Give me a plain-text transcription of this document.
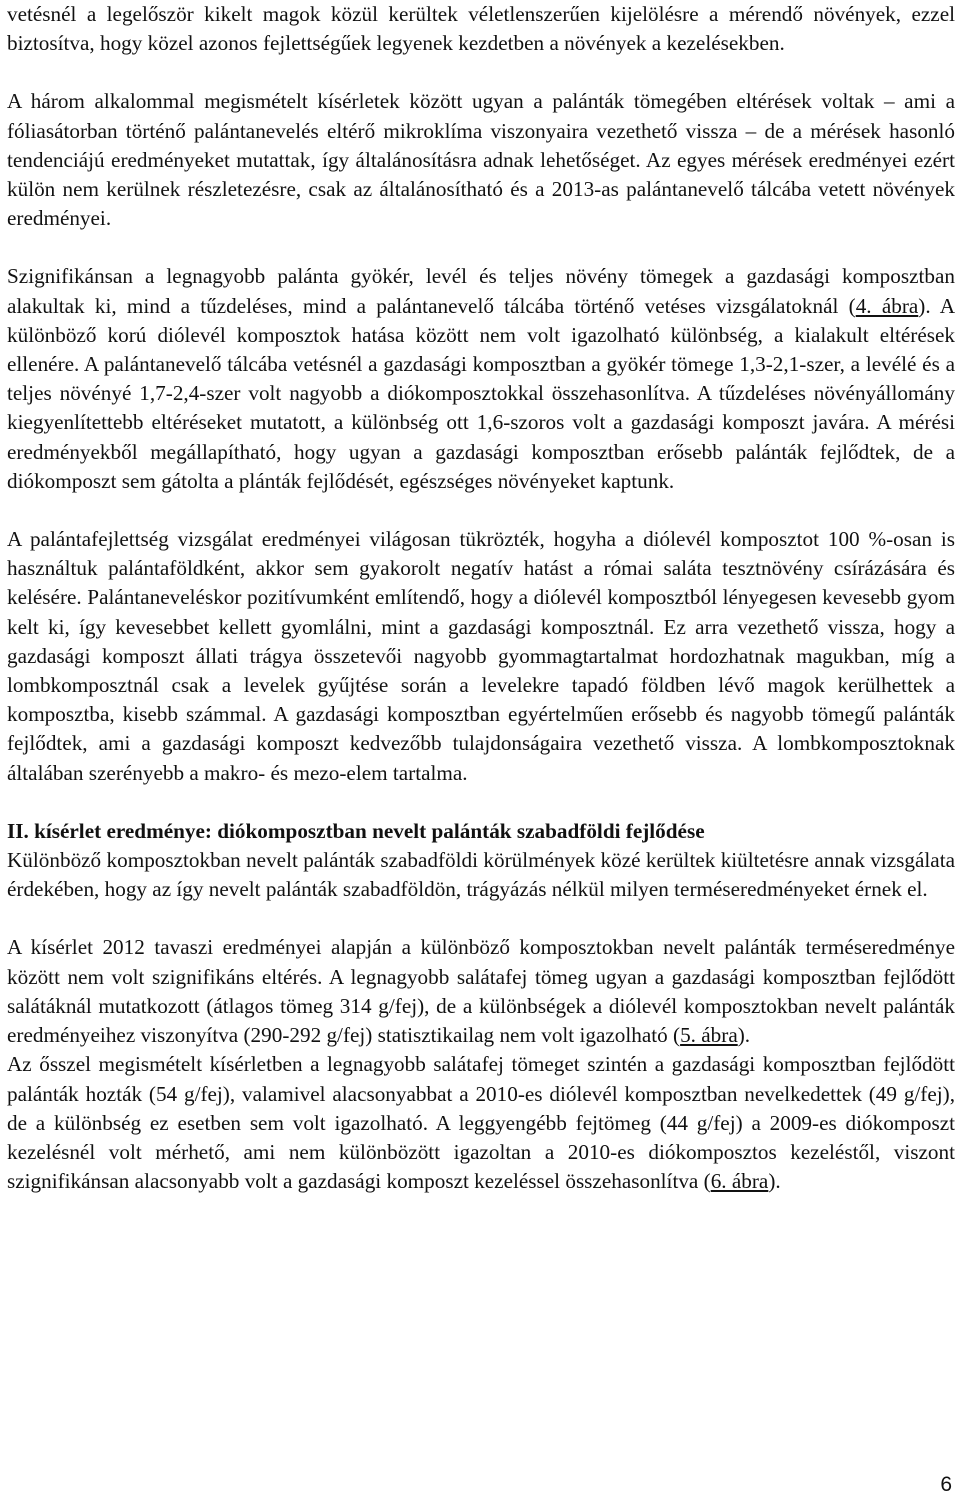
vetésnél a legelőször kikelt magok közül kerültek véletlenszerűen kijelölésre a mérendő növények, ezzel biztosítva, hogy közel azonos fejlettségűek legyenek kezdetben a növények a kezelésekben.

A három alkalommal megismételt kísérletek között ugyan a palánták tömegében eltérések voltak – ami a fóliasátorban történő palántanevelés eltérő mikroklíma viszonyaira vezethető vissza – de a mérések hasonló tendenciájú eredményeket mutattak, így általánosításra adnak lehetőséget. Az egyes mérések eredményei ezért külön nem kerülnek részletezésre, csak az általánosítható és a 2013-as palántanevelő tálcába vetett növények eredményei.

Szignifikánsan a legnagyobb palánta gyökér, levél és teljes növény tömegek a gazdasági komposztban alakultak ki, mind a tűzdeléses, mind a palántanevelő tálcába történő vetéses vizsgálatoknál (4. ábra). A különböző korú diólevél komposztok hatása között nem volt igazolható különbség, a kialakult eltérések ellenére. A palántanevelő tálcába vetésnél a gazdasági komposztban a gyökér tömege 1,3-2,1-szer, a levélé és a teljes növényé 1,7-2,4-szer volt nagyobb a diókomposztokkal összehasonlítva. A tűzdeléses növényállomány kiegyenlítettebb eltéréseket mutatott, a különbség ott 1,6-szoros volt a gazdasági komposzt javára. A mérési eredményekből megállapítható, hogy ugyan a gazdasági komposztban erősebb palánták fejlődtek, de a diókomposzt sem gátolta a plánták fejlődését, egészséges növényeket kaptunk.

A palántafejlettség vizsgálat eredményei világosan tükrözték, hogyha a diólevél komposztot 100 %-osan is használtuk palántaföldként, akkor sem gyakorolt negatív hatást a római saláta tesztnövény csírázására és kelésére. Palántaneveléskor pozitívumként említendő, hogy a diólevél komposztból lényegesen kevesebb gyom kelt ki, így kevesebbet kellett gyomlálni, mint a gazdasági komposztnál. Ez arra vezethető vissza, hogy a gazdasági komposzt állati trágya összetevői nagyobb gyommagtartalmat hordozhatnak magukban, míg a lombkomposztnál csak a levelek gyűjtése során a levelekre tapadó földben lévő magok kerülhettek a komposztba, kisebb számmal. A gazdasági komposztban egyértelműen erősebb és nagyobb tömegű palánták fejlődtek, ami a gazdasági komposzt kedvezőbb tulajdonságaira vezethető vissza. A lombkomposztoknak általában szerényebb a makro- és mezo-elem tartalma.

II. kísérlet eredménye: diókomposztban nevelt palánták szabadföldi fejlődése

Különböző komposztokban nevelt palánták szabadföldi körülmények közé kerültek kiültetésre annak vizsgálata érdekében, hogy az így nevelt palánták szabadföldön, trágyázás nélkül milyen terméseredményeket érnek el.

A kísérlet 2012 tavaszi eredményei alapján a különböző komposztokban nevelt palánták terméseredménye között nem volt szignifikáns eltérés. A legnagyobb salátafej tömeg ugyan a gazdasági komposztban fejlődött salátáknál mutatkozott (átlagos tömeg 314 g/fej), de a különbségek a diólevél komposztokban nevelt palánták eredményeihez viszonyítva (290-292 g/fej) statisztikailag nem volt igazolható (5. ábra).

Az ősszel megismételt kísérletben a legnagyobb salátafej tömeget szintén a gazdasági komposztban fejlődött palánták hozták (54 g/fej), valamivel alacsonyabbat a 2010-es diólevél komposztban nevelkedettek (49 g/fej), de a különbség ez esetben sem volt igazolható. A leggyengébb fejtömeg (44 g/fej) a 2009-es diókomposzt kezelésnél volt mérhető, ami nem különbözött igazoltan a 2010-es diókomposztos kezeléstől, viszont szignifikánsan alacsonyabb volt a gazdasági komposzt kezeléssel összehasonlítva (6. ábra).

6
